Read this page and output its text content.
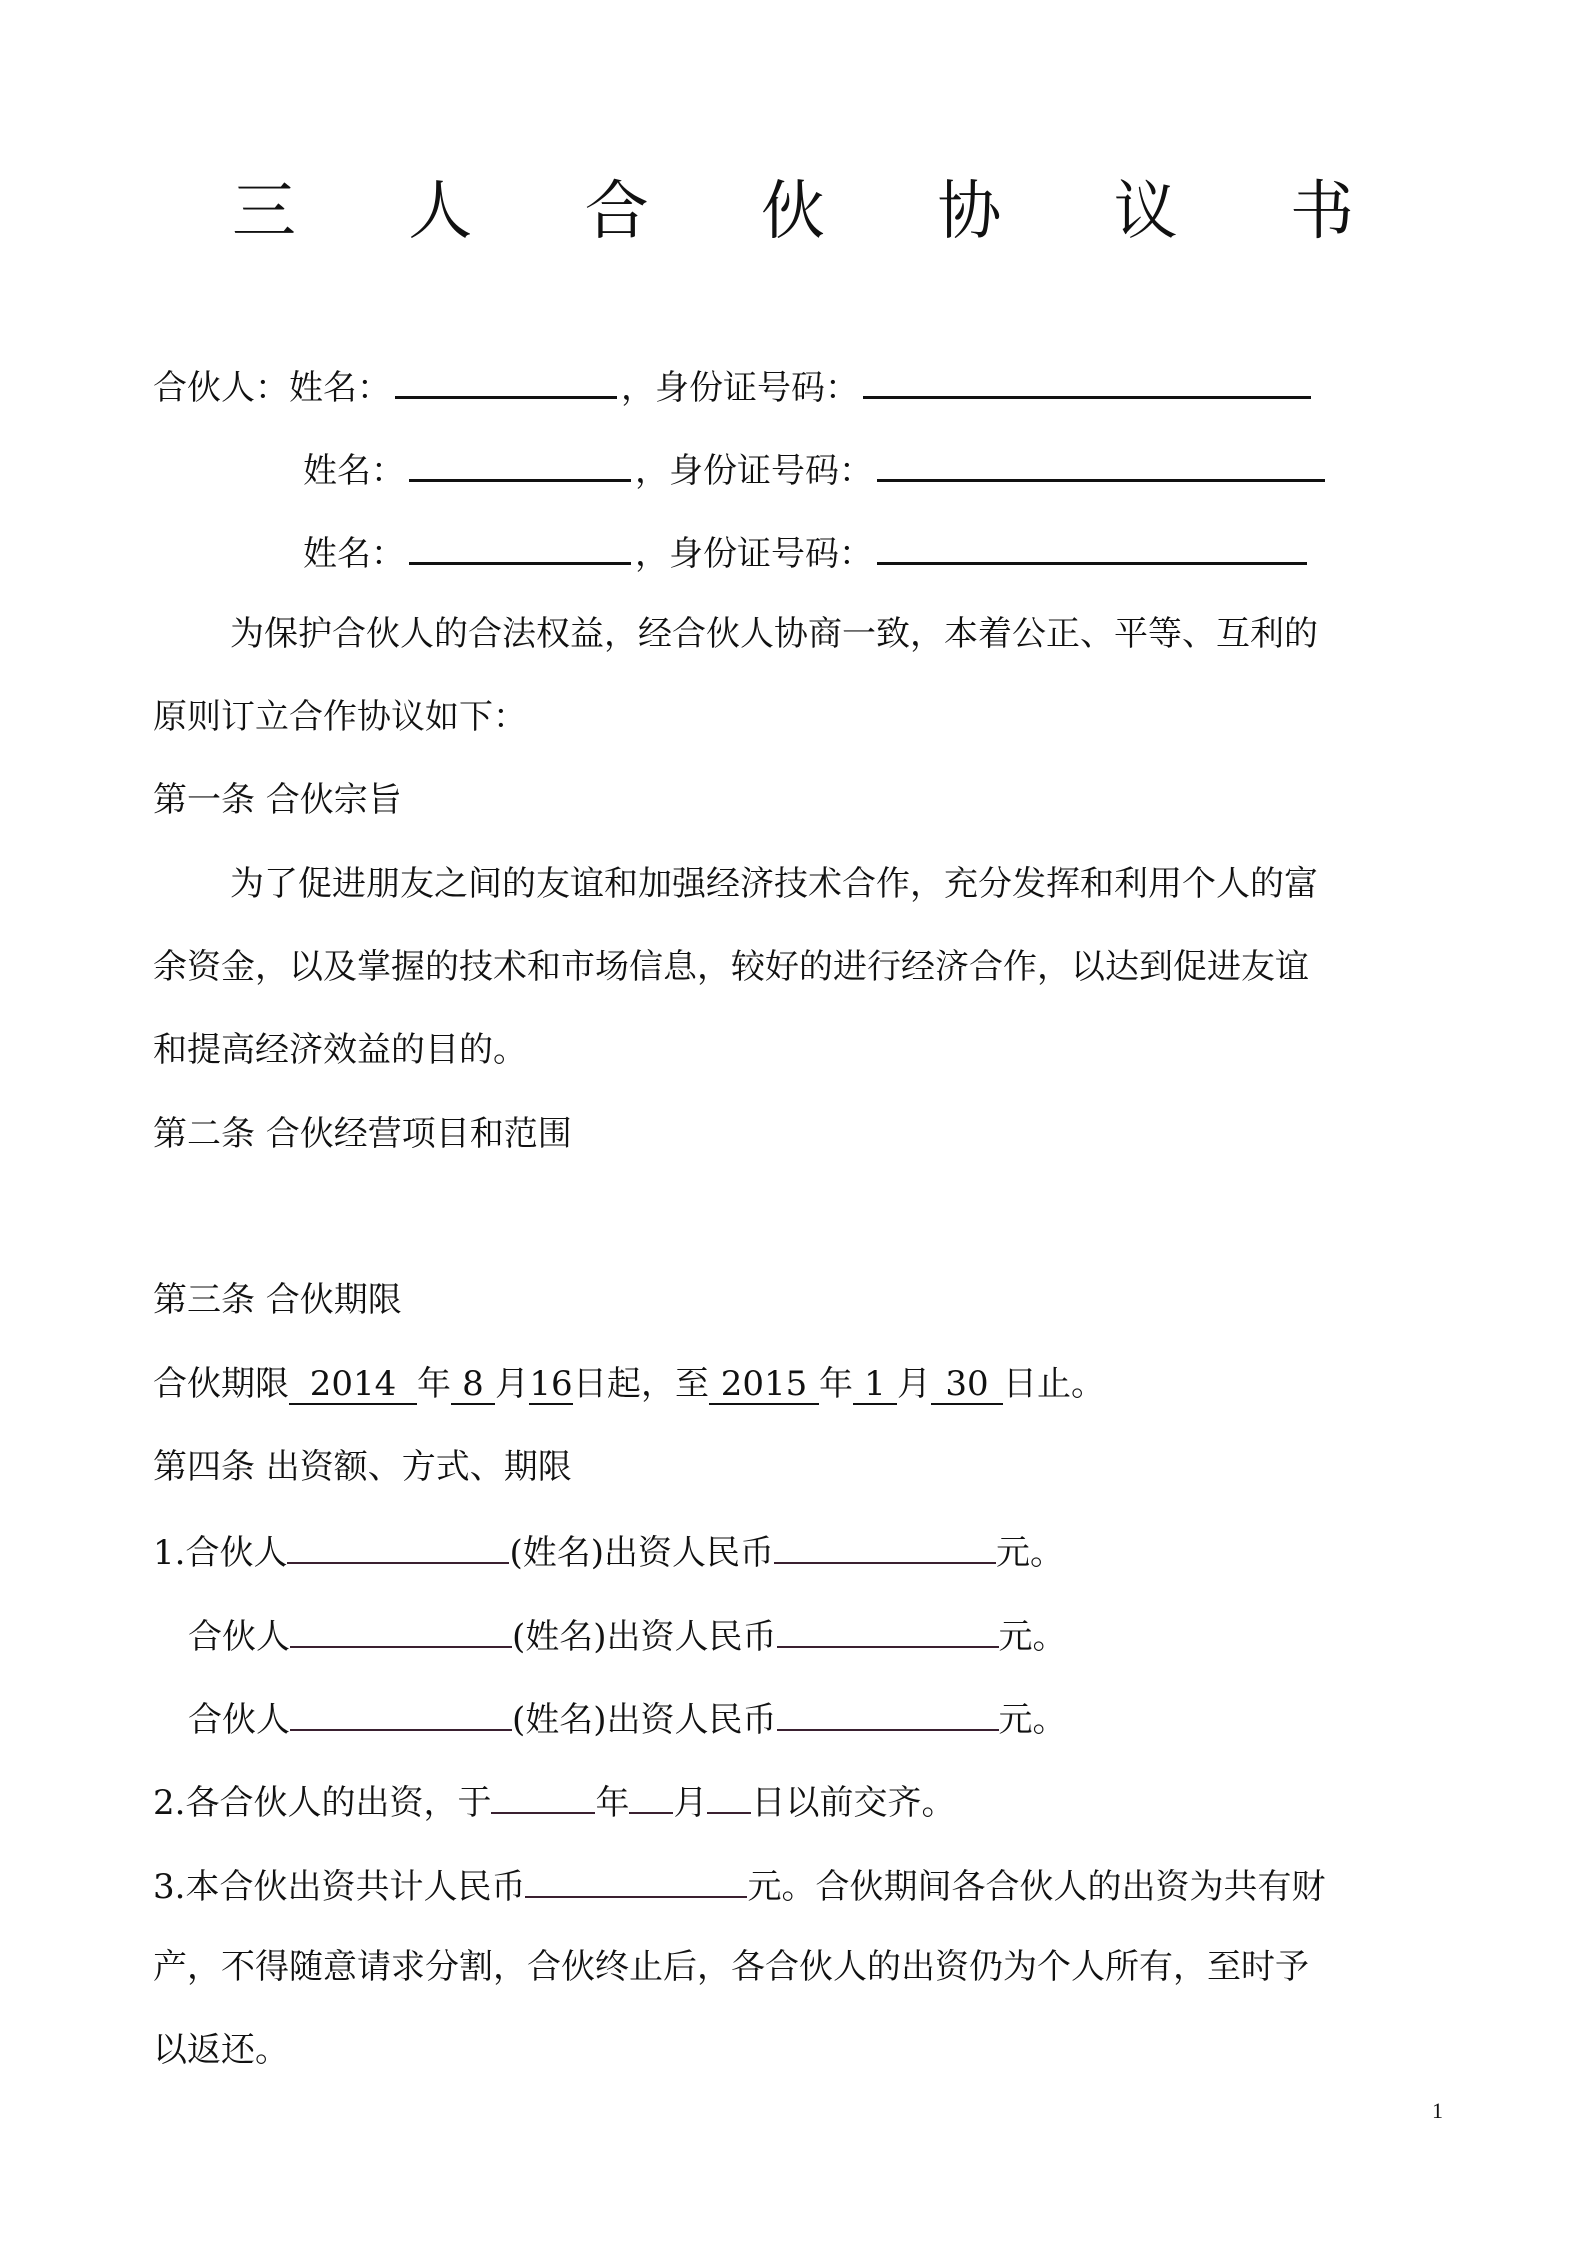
三 人 合 伙 协 议 书
合伙人：姓名：	，身份证号码：
姓名：	，身份证号码：
姓名：	，身份证号码：
为保护合伙人的合法权益，经合伙人协商一致，本着公正、平等、互利的
原则订立合作协议如下：
第一条 合伙宗旨
为了促进朋友之间的友谊和加强经济技术合作，充分发挥和利用个人的富
余资金，以及掌握的技术和市场信息，较好的进行经济合作，以达到促进友谊
和提高经济效益的目的。
第二条 合伙经营项目和范围
第三条 合伙期限
合伙期限 2014 年 8 月16日起，至 2015 年 1 月 30 日止。
第四条 出资额、方式、期限
1.合伙人	(姓名)出资人民币	元。
合伙人	(姓名)出资人民币	元。
合伙人	(姓名)出资人民币	元。
2.各合伙人的出资，于	年 月 日以前交齐。
3.本合伙出资共计人民币	元。合伙期间各合伙人的出资为共有财
产，不得随意请求分割，合伙终止后，各合伙人的出资仍为个人所有，至时予
以返还。
1
